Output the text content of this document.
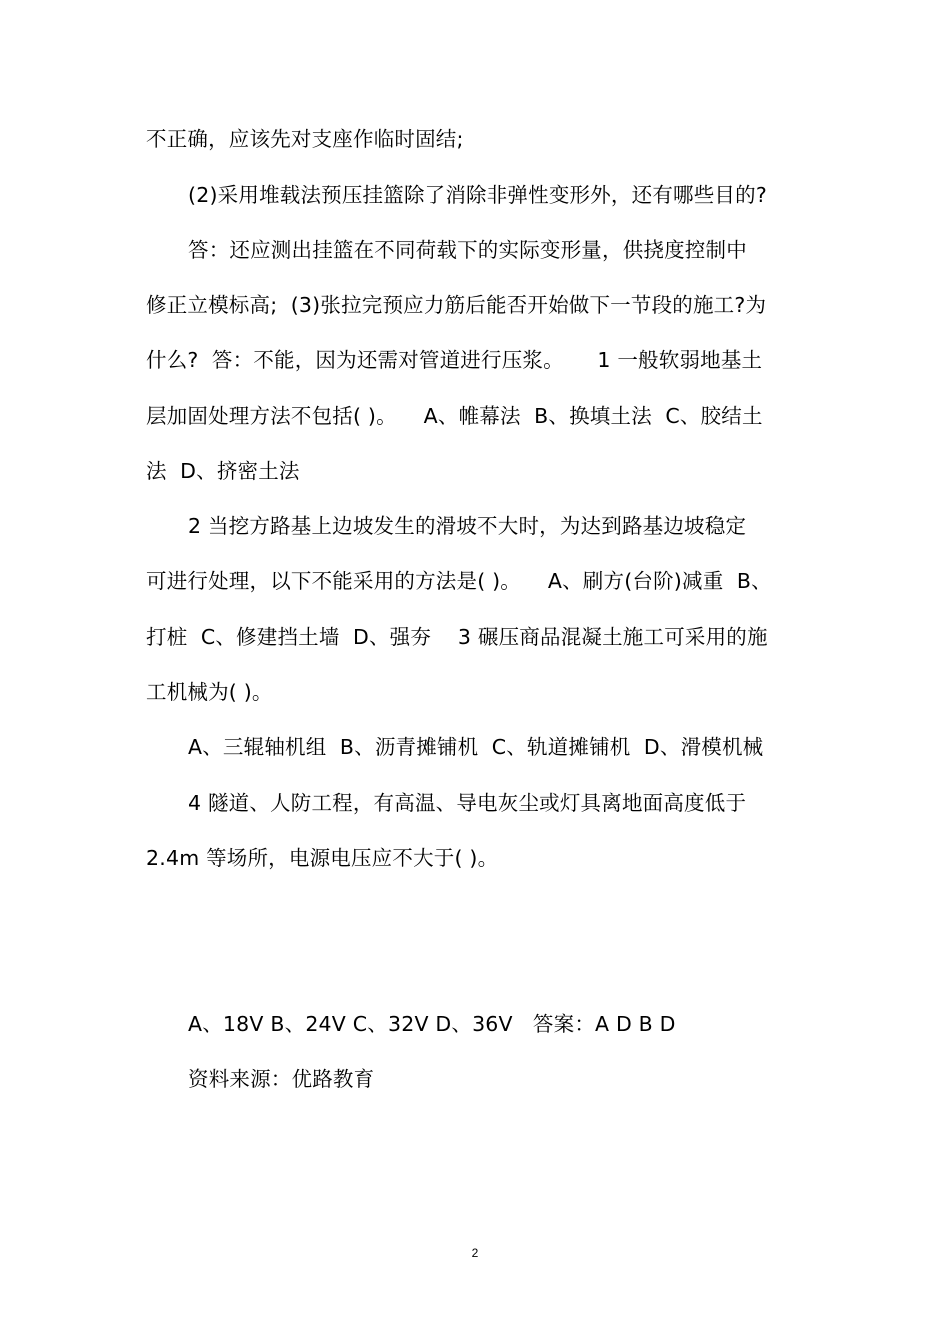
不正确，应该先对支座作临时固结;
(2)采用堆载法预压挂篮除了消除非弹性变形外，还有哪些目的?
答：还应测出挂篮在不同荷载下的实际变形量，供挠度控制中
修正立模标高;  (3)张拉完预应力筋后能否开始做下一节段的施工?为
什么?  答：不能，因为还需对管道进行压浆。     1 一般软弱地基土
层加固处理方法不包括( )。    A、帷幕法  B、换填土法  C、胶结土
法  D、挤密土法
2 当挖方路基上边坡发生的滑坡不大时，为达到路基边坡稳定
可进行处理，以下不能采用的方法是( )。    A、刷方(台阶)减重  B、
打桩  C、修建挡土墙  D、强夯    3 碾压商品混凝土施工可采用的施
工机械为( )。
A、三辊轴机组  B、沥青摊铺机  C、轨道摊铺机  D、滑模机械
4 隧道、人防工程，有高温、导电灰尘或灯具离地面高度低于
2.4m 等场所，电源电压应不大于( )。
A、18V B、24V C、32V D、36V   答案：A D B D
资料来源：优路教育
2
